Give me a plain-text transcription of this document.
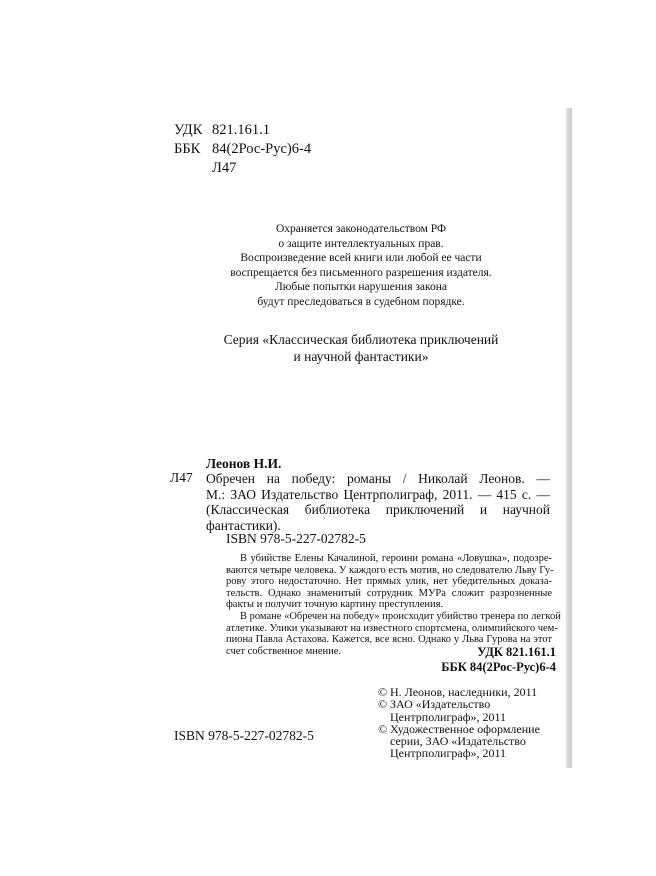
УДК 821.161.1
ББК 84(2Рос-Рус)6-4
Л47
Охраняется законодательством РФ
о защите интеллектуальных прав.
Воспроизведение всей книги или любой ее части
воспрещается без письменного разрешения издателя.
Любые попытки нарушения закона
будут преследоваться в судебном порядке.
Серия «Классическая библиотека приключений
и научной фантастики»
Л47
Леонов Н.И.
Обречен на победу: романы / Николай Леонов. —
М.: ЗАО Издательство Центрполиграф, 2011. — 415 с. —
(Классическая библиотека приключений и научной
фантастики).
ISBN 978-5-227-02782-5
В убийстве Елены Качалиной, героини романа «Ловушка», подозре-
ваются четыре человека. У каждого есть мотив, но следователю Льву Гу-
рову этого недостаточно. Нет прямых улик, нет убедительных доказа-
тельств. Однако знаменитый сотрудник МУРа сложит разрозненные
факты и получит точную картину преступления.
В романе «Обречен на победу» происходит убийство тренера по легкой
атлетике. Улики указывают на известного спортсмена, олимпийского чем-
пиона Павла Астахова. Кажется, все ясно. Однако у Льва Гурова на этот
счет собственное мнение.	УДК 821.161.1
ББК 84(2Рос-Рус)6-4
© Н. Леонов, наследники, 2011
© ЗАО «Издательство
Центрполиграф», 2011
© Художественное оформление
серии, ЗАО «Издательство
Центрполиграф», 2011
ISBN 978-5-227-02782-5
